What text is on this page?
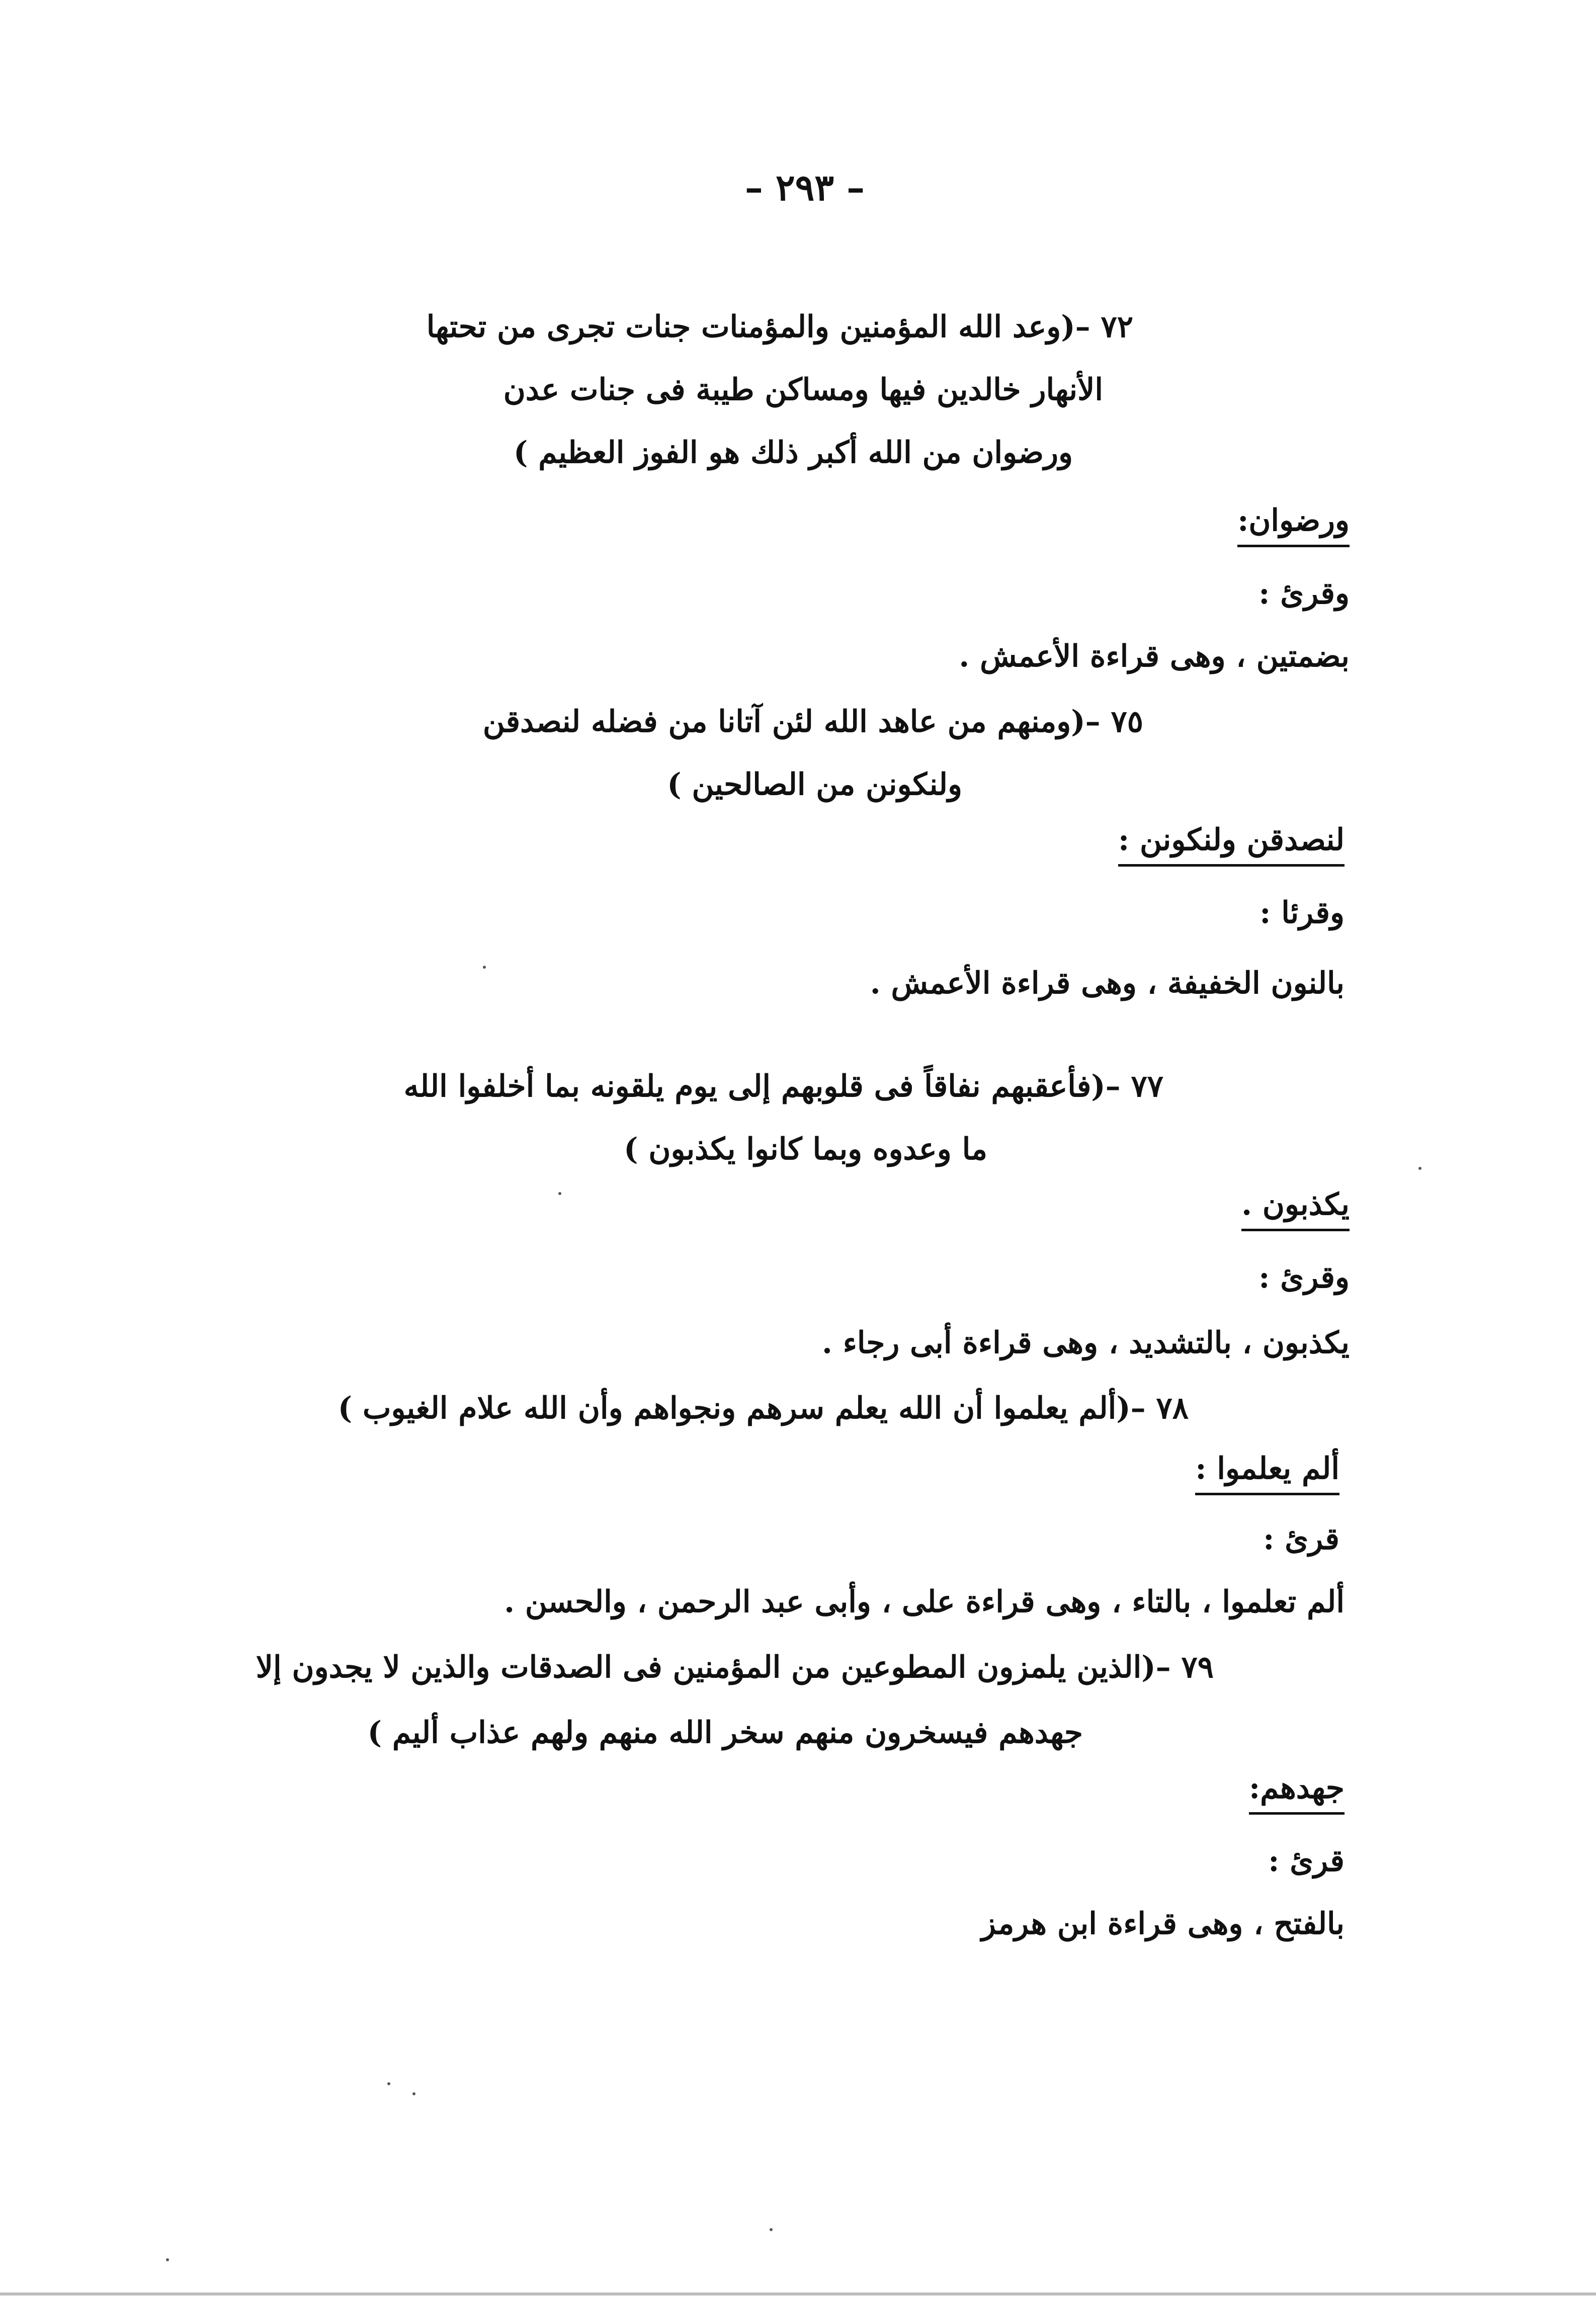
– ٢٩٣ –
٧٢ –(وعد الله المؤمنين والمؤمنات جنات تجرى من تحتها
الأنهار خالدين فيها ومساكن طيبة فى جنات عدن
ورضوان من الله أكبر ذلك هو الفوز العظيم )
ورضوان:
وقرئ :
بضمتين ، وهى قراءة الأعمش .
٧٥ –(ومنهم من عاهد الله لئن آتانا من فضله لنصدقن
ولنكونن من الصالحين )
لنصدقن ولنكونن :
وقرئا :
بالنون الخفيفة ، وهى قراءة الأعمش .
٧٧ –(فأعقبهم نفاقاً فى قلوبهم إلى يوم يلقونه بما أخلفوا الله
ما وعدوه وبما كانوا يكذبون )
يكذبون .
وقرئ :
يكذبون ، بالتشديد ، وهى قراءة أبى رجاء .
٧٨ –(ألم يعلموا أن الله يعلم سرهم ونجواهم وأن الله علام الغيوب )
ألم يعلموا :
قرئ :
ألم تعلموا ، بالتاء ، وهى قراءة على ، وأبى عبد الرحمن ، والحسن .
٧٩ –(الذين يلمزون المطوعين من المؤمنين فى الصدقات والذين لا يجدون إلا
جهدهم فيسخرون منهم سخر الله منهم ولهم عذاب أليم )
جهدهم:
قرئ :
بالفتح ، وهى قراءة ابن هرمز
